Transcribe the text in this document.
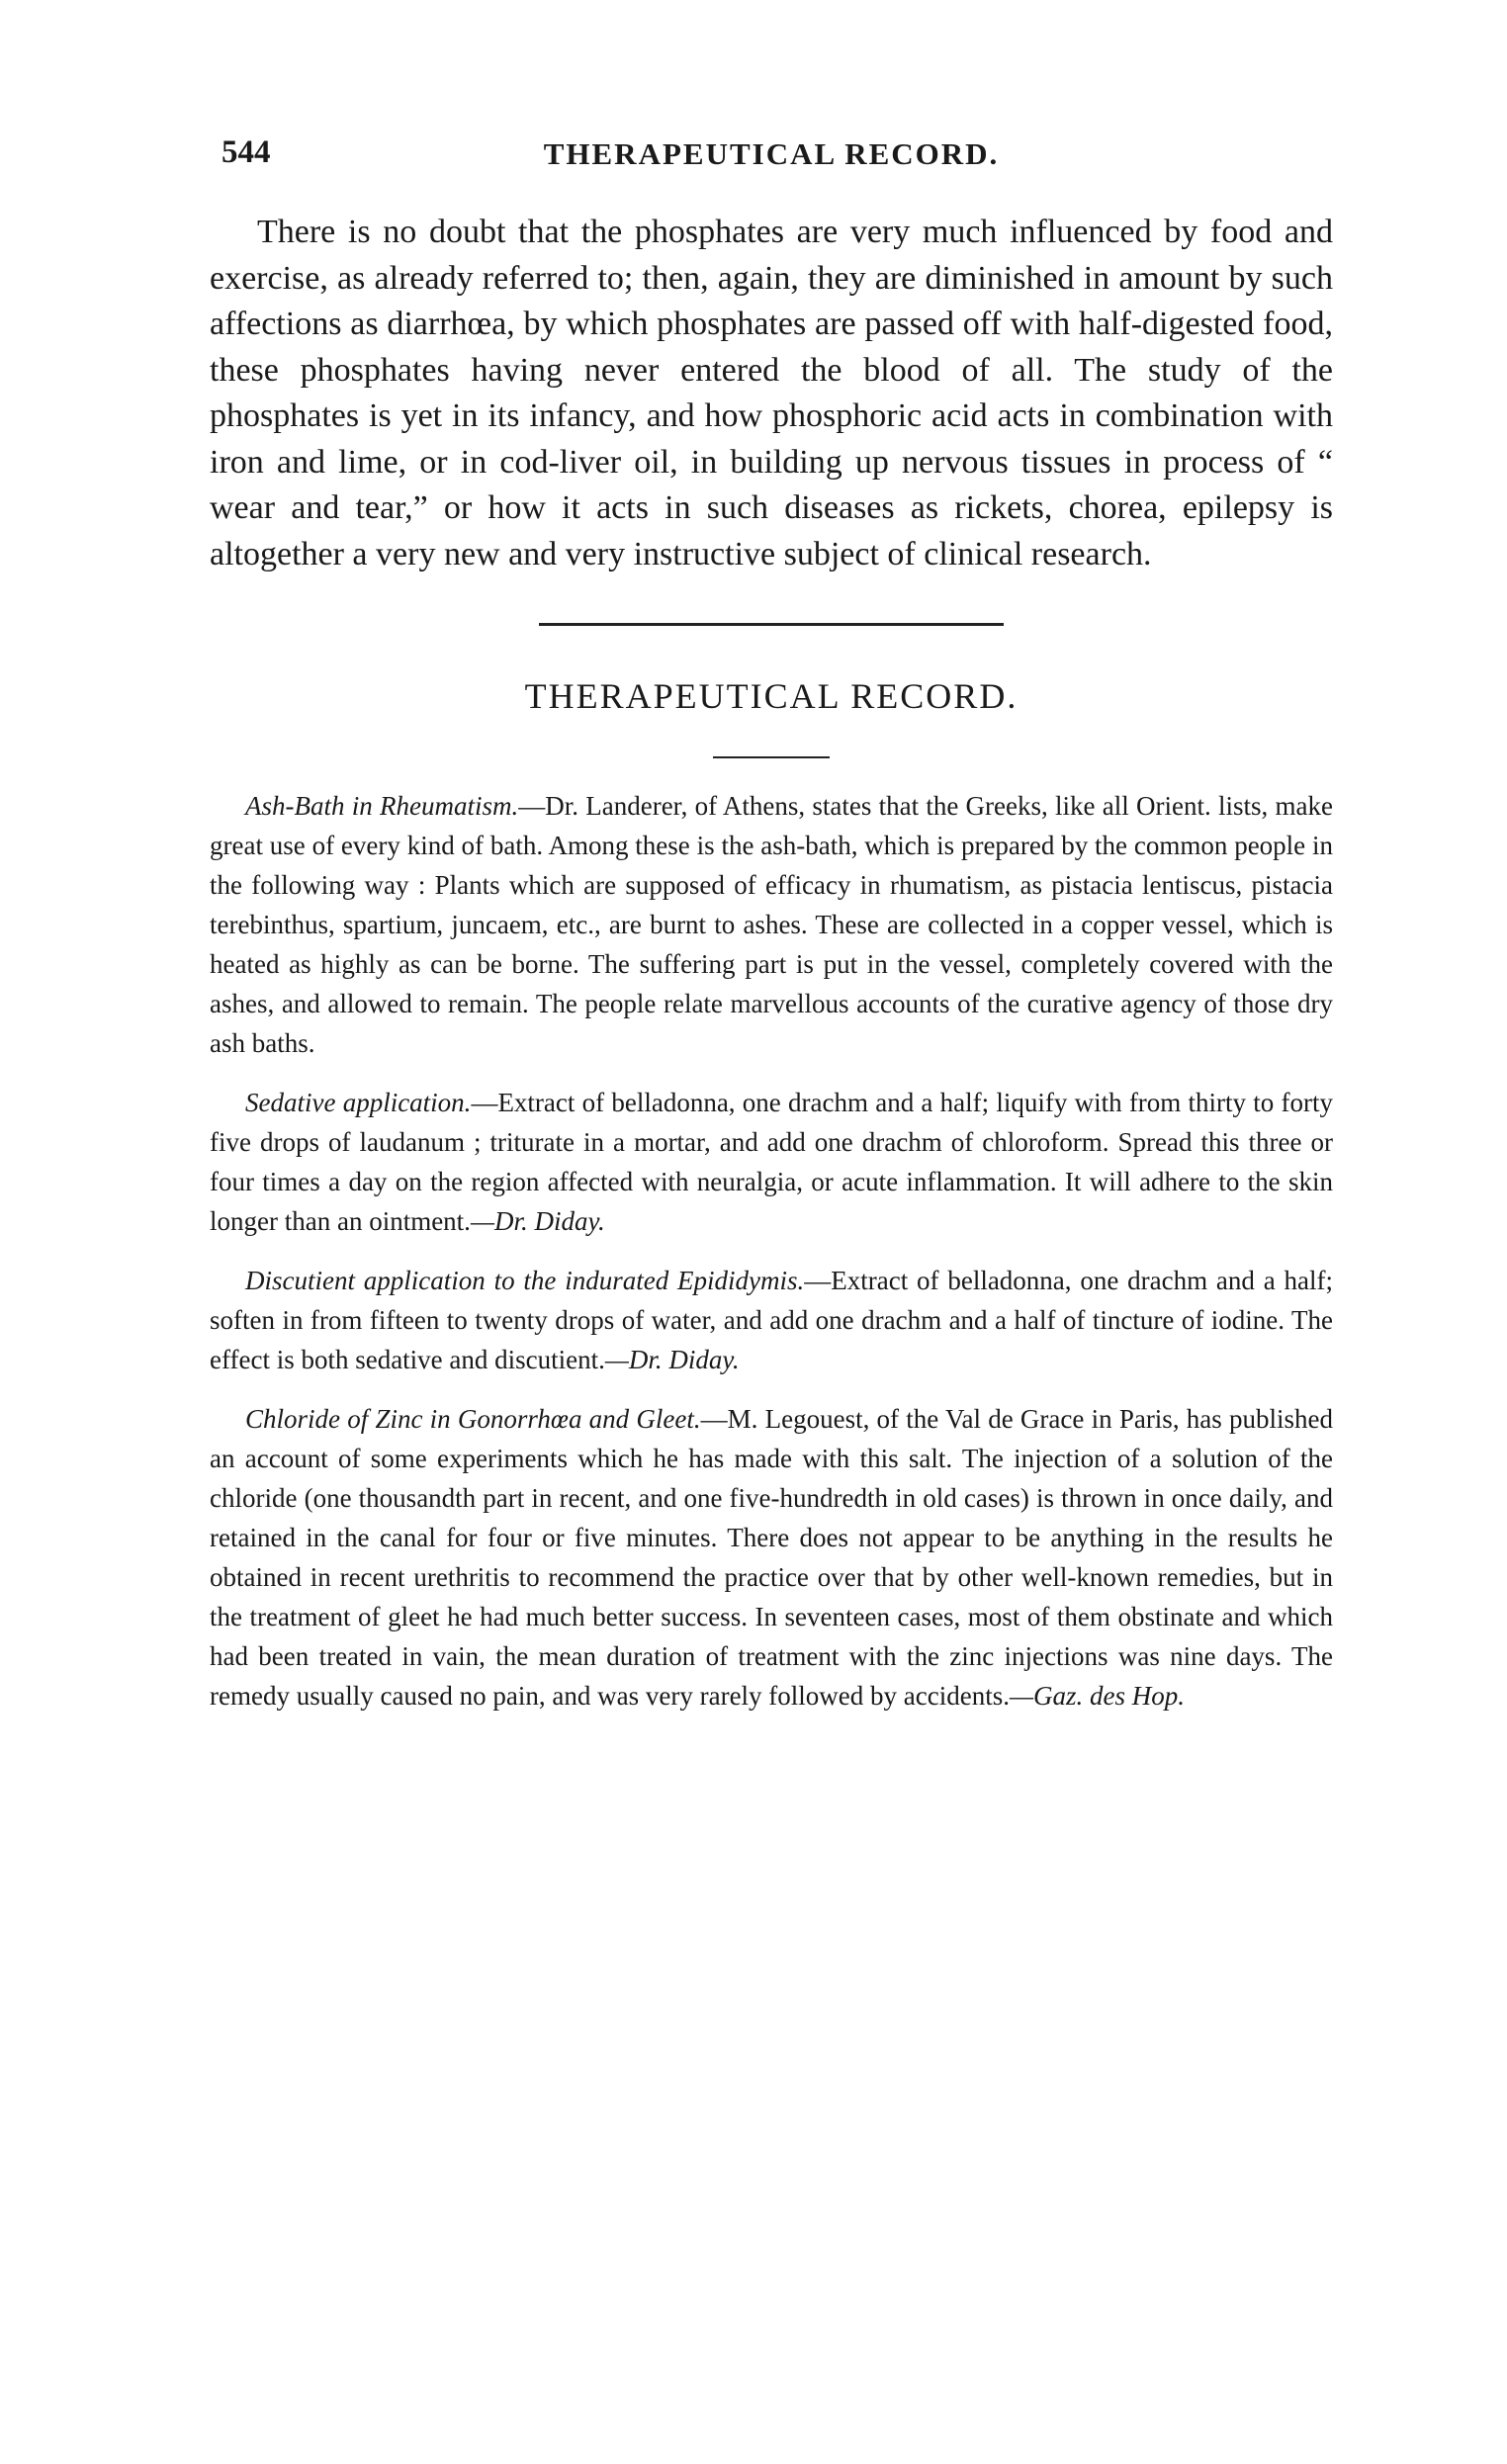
544	THERAPEUTICAL RECORD.

There is no doubt that the phosphates are very much influenced by food and exercise, as already referred to; then, again, they are diminished in amount by such affections as diarrhœa, by which phosphates are passed off with half-digested food, these phosphates having never entered the blood of all. The study of the phosphates is yet in its infancy, and how phosphoric acid acts in combination with iron and lime, or in cod-liver oil, in building up nervous tissues in process of “ wear and tear,” or how it acts in such diseases as rickets, chorea, epilepsy is altogether a very new and very instructive subject of clinical research.

THERAPEUTICAL RECORD.

Ash-Bath in Rheumatism.—Dr. Landerer, of Athens, states that the Greeks, like all Orient. lists, make great use of every kind of bath. Among these is the ash-bath, which is prepared by the common people in the following way : Plants which are supposed of efficacy in rhumatism, as pistacia lentiscus, pistacia terebinthus, spartium, juncaem, etc., are burnt to ashes. These are collected in a copper vessel, which is heated as highly as can be borne. The suffering part is put in the vessel, completely covered with the ashes, and allowed to remain. The people relate marvellous accounts of the curative agency of those dry ash baths.

Sedative application.—Extract of belladonna, one drachm and a half; liquify with from thirty to forty five drops of laudanum ; triturate in a mortar, and add one drachm of chloroform. Spread this three or four times a day on the region affected with neuralgia, or acute inflammation. It will adhere to the skin longer than an ointment.—Dr. Diday.

Discutient application to the indurated Epididymis.—Extract of belladonna, one drachm and a half; soften in from fifteen to twenty drops of water, and add one drachm and a half of tincture of iodine. The effect is both sedative and discutient.—Dr. Diday.

Chloride of Zinc in Gonorrhœa and Gleet.—M. Legouest, of the Val de Grace in Paris, has published an account of some experiments which he has made with this salt. The injection of a solution of the chloride (one thousandth part in recent, and one five-hundredth in old cases) is thrown in once daily, and retained in the canal for four or five minutes. There does not appear to be anything in the results he obtained in recent urethritis to recommend the practice over that by other well-known remedies, but in the treatment of gleet he had much better success. In seventeen cases, most of them obstinate and which had been treated in vain, the mean duration of treatment with the zinc injections was nine days. The remedy usually caused no pain, and was very rarely followed by accidents.—Gaz. des Hop.
